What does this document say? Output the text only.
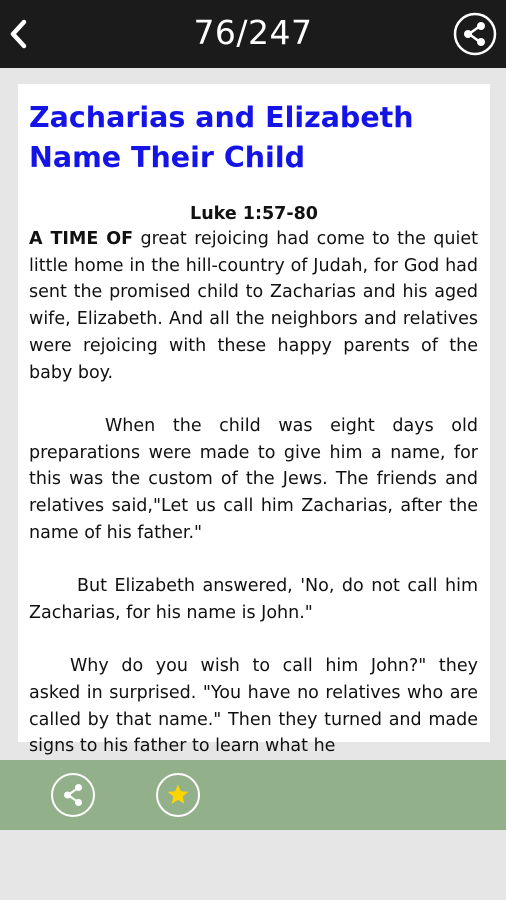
76/247
Zacharias and Elizabeth Name Their Child
Luke 1:57-80

A TIME OF great rejoicing had come to the quiet little home in the hill-country of Judah, for God had sent the promised child to Zacharias and his aged wife, Elizabeth. And all the neighbors and relatives were rejoicing with these happy parents of the baby boy.

When the child was eight days old preparations were made to give him a name, for this was the custom of the Jews. The friends and relatives said,"Let us call him Zacharias, after the name of his father."

But Elizabeth answered, 'No, do not call him Zacharias, for his name is John."

Why do you wish to call him John?" they asked in surprised. "You have no relatives who are called by that name." Then they turned and made signs to his father to learn what he
